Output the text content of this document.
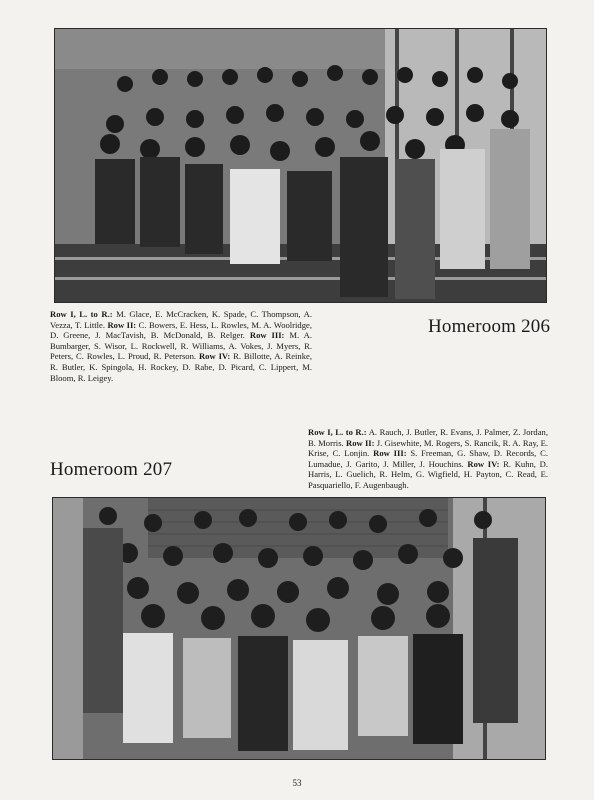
Row I, L. to R.: M. Glace, E. McCracken, K. Spade, C. Thompson, A. Vezza, T. Little. Row II: C. Bowers, E. Hess, L. Rowles, M. A. Woolridge, D. Greene, J. MacTavish, B. McDonald, B. Relger. Row III: M. A. Bumbarger, S. Wisor, L. Rockwell, R. Williams, A. Vokes, J. Myers, R. Peters, C. Rowles, L. Proud, R. Peterson. Row IV: R. Billotte, A. Reinke, R. Butler, K. Spingola, H. Rockey, D. Rabe, D. Picard, C. Lippert, M. Bloom, R. Leigey.
Homeroom 206
Row I, L. to R.: A. Rauch, J. Butler, R. Evans, J. Palmer, Z. Jordan, B. Morris. Row II: J. Gisewhite, M. Rogers, S. Rancik, R. A. Ray, E. Krise, C. Lonjin. Row III: S. Freeman, G. Shaw, D. Records, C. Lumadue, J. Garito, J. Miller, J. Houchins. Row IV: R. Kuhn, D. Harris, L. Guelich, R. Helm, G. Wigfield, H. Payton, C. Read, E. Pasquariello, F. Augenbaugh.
Homeroom 207
53
